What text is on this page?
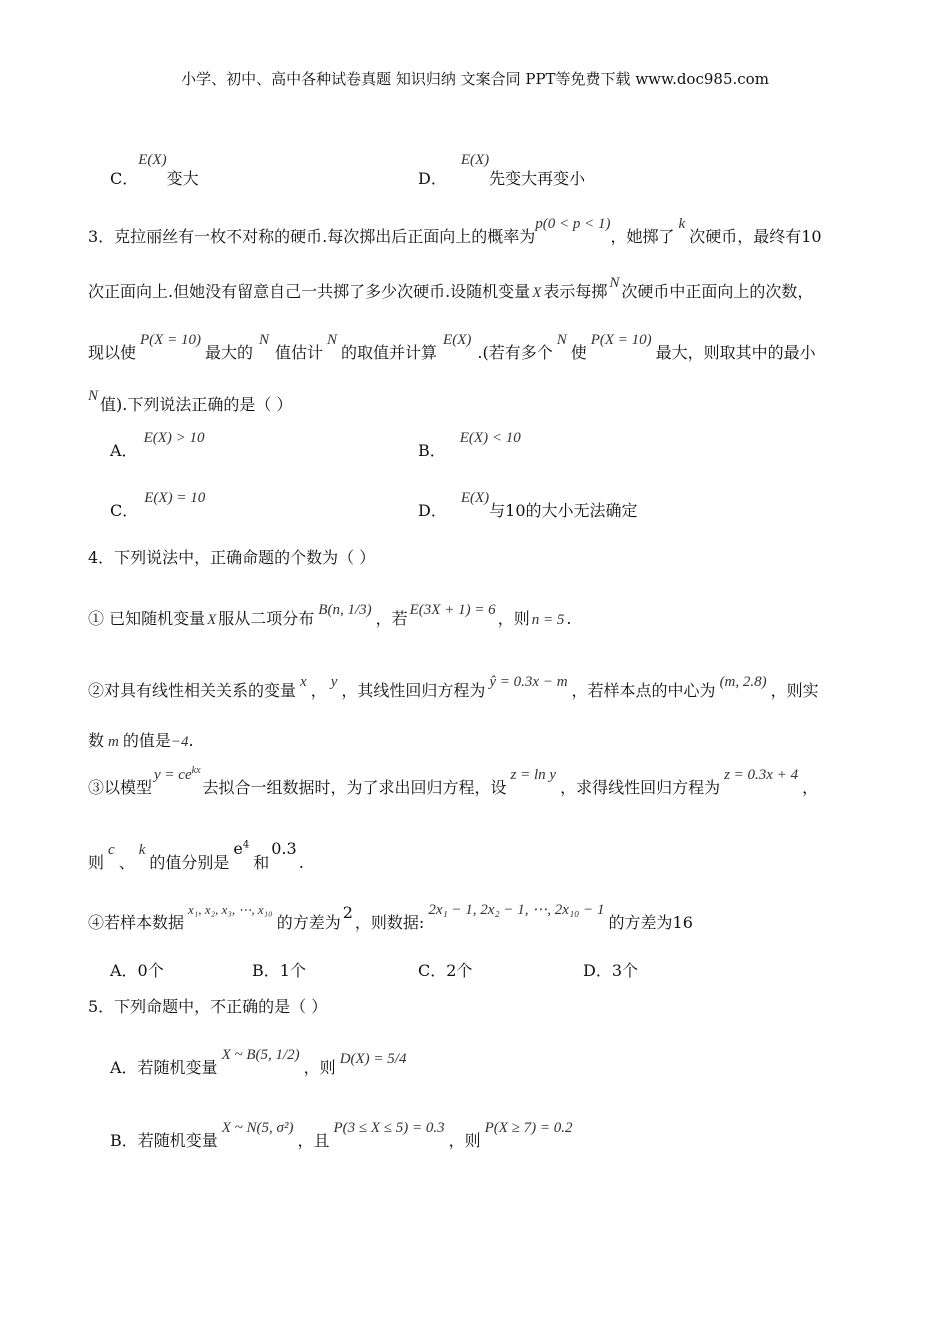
小学、初中、高中各种试卷真题 知识归纳 文案合同 PPT等免费下载 www.doc985.com
C．E(X)变大	D．E(X)先变大再变小
3．克拉丽丝有一枚不对称的硬币.每次掷出后正面向上的概率为p(0 < p < 1)，她掷了k次硬币，最终有10
次正面向上.但她没有留意自己一共掷了多少次硬币.设随机变量 X 表示每掷 N 次硬币中正面向上的次数，
现以使P(X = 10)最大的N值估计N的取值并计算E(X).(若有多个N使P(X = 10)最大，则取其中的最小
N 值).下列说法正确的是（ ）
A．E(X) > 10
B．E(X) < 10
C．E(X) = 10
D．E(X)与10的大小无法确定
4．下列说法中，正确命题的个数为（ ）
① 已知随机变量 X 服从二项分布 B(n, 1/3) ，若 E(3X + 1) = 6 ，则 n = 5 .
②对具有线性相关关系的变量 x ， y ，其线性回归方程为 ŷ = 0.3x − m ，若样本点的中心为 (m, 2.8) ，则实
数 m 的值是−4.
③以模型$y = ce^{kx}$去拟合一组数据时，为了求出回归方程，设z = ln y，求得线性回归方程为z = 0.3x + 4，
则c、k的值分别是$e^4$和0.3.
④若样本数据$^{x_1, x_2, x_3, \cdots, x_{10}}$的方差为2，则数据:2x₁ − 1, 2x₂ − 1, ⋯, 2x₁₀ − 1的方差为16
A．0个	B．1个	C．2个	D．3个
5．下列命题中，不正确的是（ ）
A．若随机变量X ~ B(5, 1/2)，则 D(X) = 5/4
B．若随机变量X ~ N(5, σ²)，且P(3 ≤ X ≤ 5) = 0.3，则P(X ≥ 7) = 0.2
